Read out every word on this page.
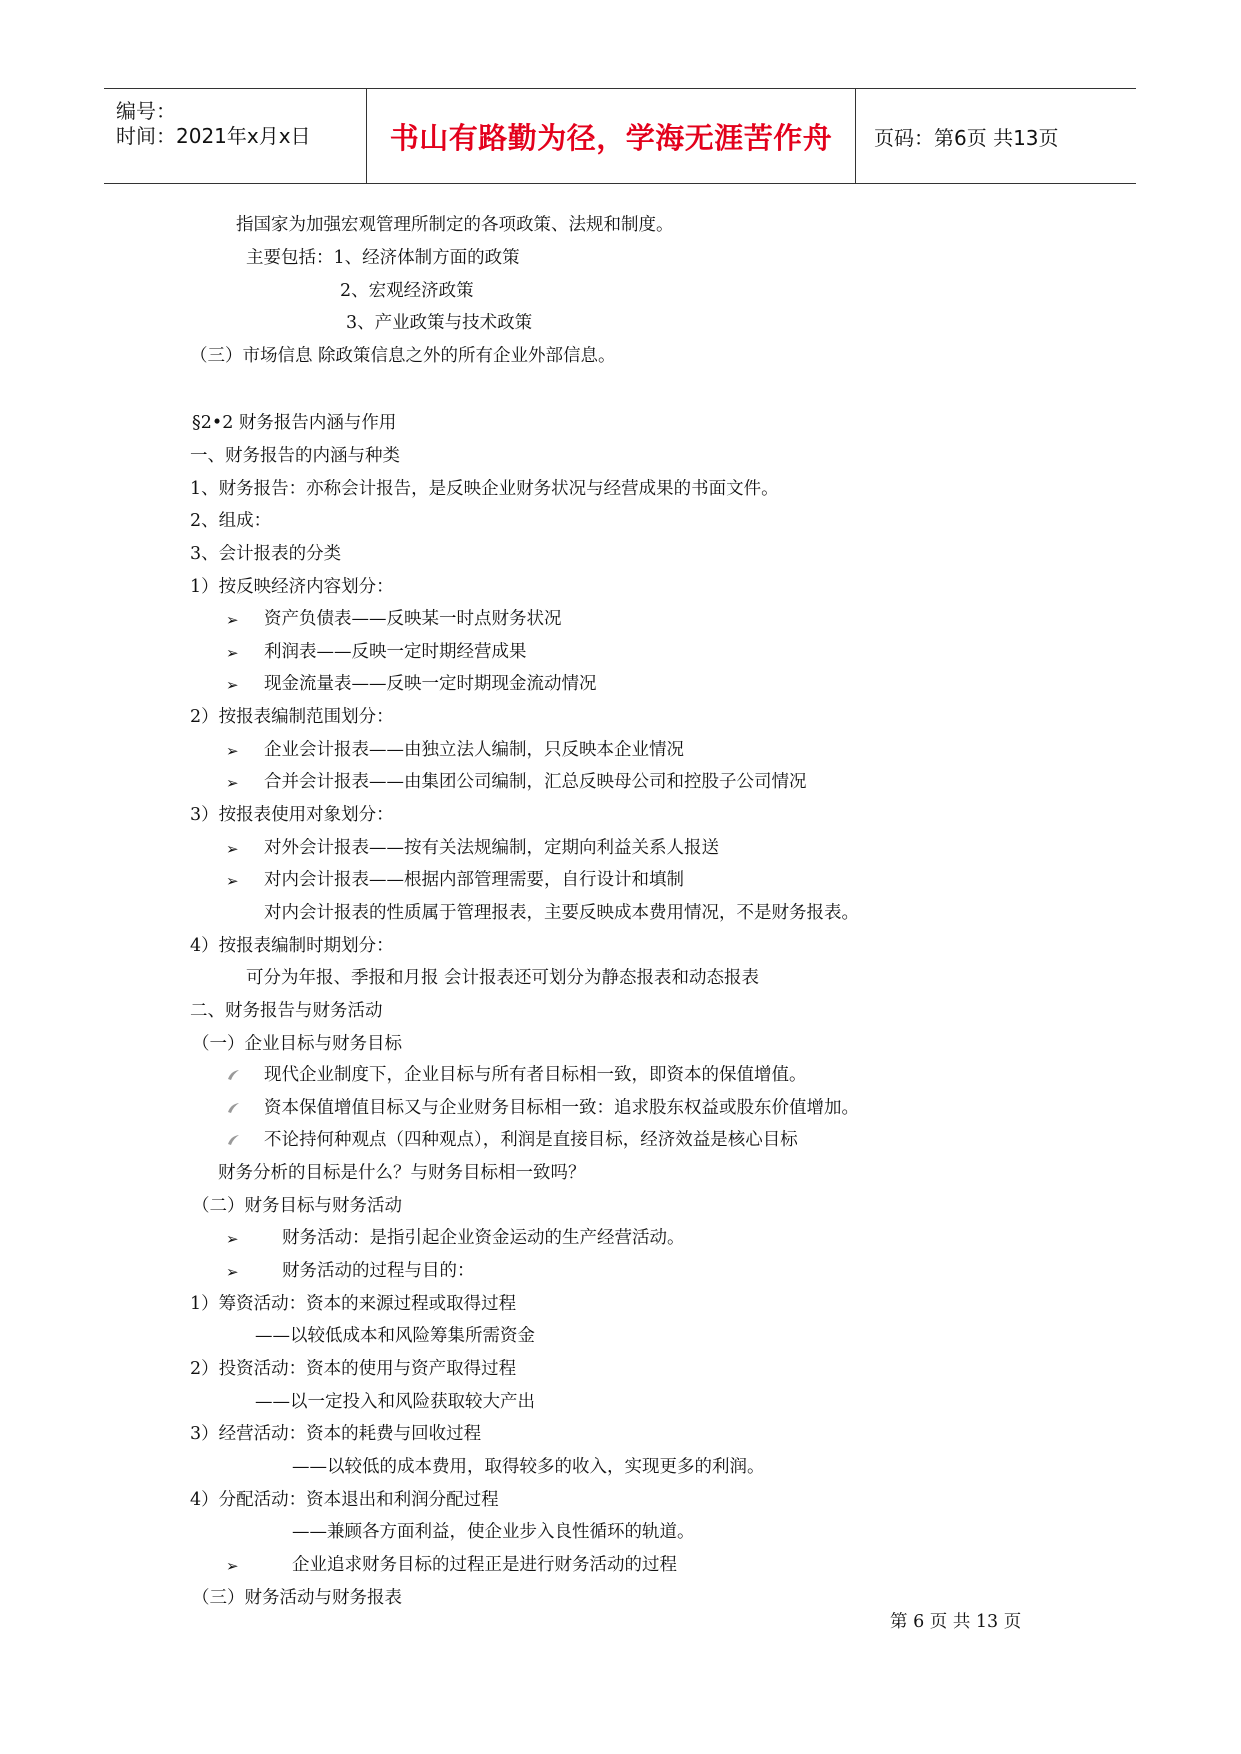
编号：
时间：2021年x月x日	书山有路勤为径，学海无涯苦作舟 页码：第6页 共13页
指国家为加强宏观管理所制定的各项政策、法规和制度。
主要包括：1、经济体制方面的政策
2、宏观经济政策
3、产业政策与技术政策
（三）市场信息 除政策信息之外的所有企业外部信息。
§2•2 财务报告内涵与作用
一、财务报告的内涵与种类
1、财务报告：亦称会计报告，是反映企业财务状况与经营成果的书面文件。
2、组成：
3、会计报表的分类
1）按反映经济内容划分：
➢ 资产负债表——反映某一时点财务状况
➢ 利润表——反映一定时期经营成果
➢ 现金流量表——反映一定时期现金流动情况
2）按报表编制范围划分：
➢ 企业会计报表——由独立法人编制，只反映本企业情况
➢ 合并会计报表——由集团公司编制，汇总反映母公司和控股子公司情况
3）按报表使用对象划分：
➢ 对外会计报表——按有关法规编制，定期向利益关系人报送
➢ 对内会计报表——根据内部管理需要，自行设计和填制
对内会计报表的性质属于管理报表，主要反映成本费用情况，不是财务报表。
4）按报表编制时期划分：
可分为年报、季报和月报 会计报表还可划分为静态报表和动态报表
二、财务报告与财务活动
（一）企业目标与财务目标
现代企业制度下，企业目标与所有者目标相一致，即资本的保值增值。
资本保值增值目标又与企业财务目标相一致：追求股东权益或股东价值增加。
不论持何种观点（四种观点），利润是直接目标，经济效益是核心目标
财务分析的目标是什么？与财务目标相一致吗？
（二）财务目标与财务活动
➢ 财务活动：是指引起企业资金运动的生产经营活动。
➢ 财务活动的过程与目的：
1）筹资活动：资本的来源过程或取得过程
——以较低成本和风险筹集所需资金
2）投资活动：资本的使用与资产取得过程
——以一定投入和风险获取较大产出
3）经营活动：资本的耗费与回收过程
——以较低的成本费用，取得较多的收入，实现更多的利润。
4）分配活动：资本退出和利润分配过程
——兼顾各方面利益，使企业步入良性循环的轨道。
➢	企业追求财务目标的过程正是进行财务活动的过程
（三）财务活动与财务报表
第 6 页 共 13 页
